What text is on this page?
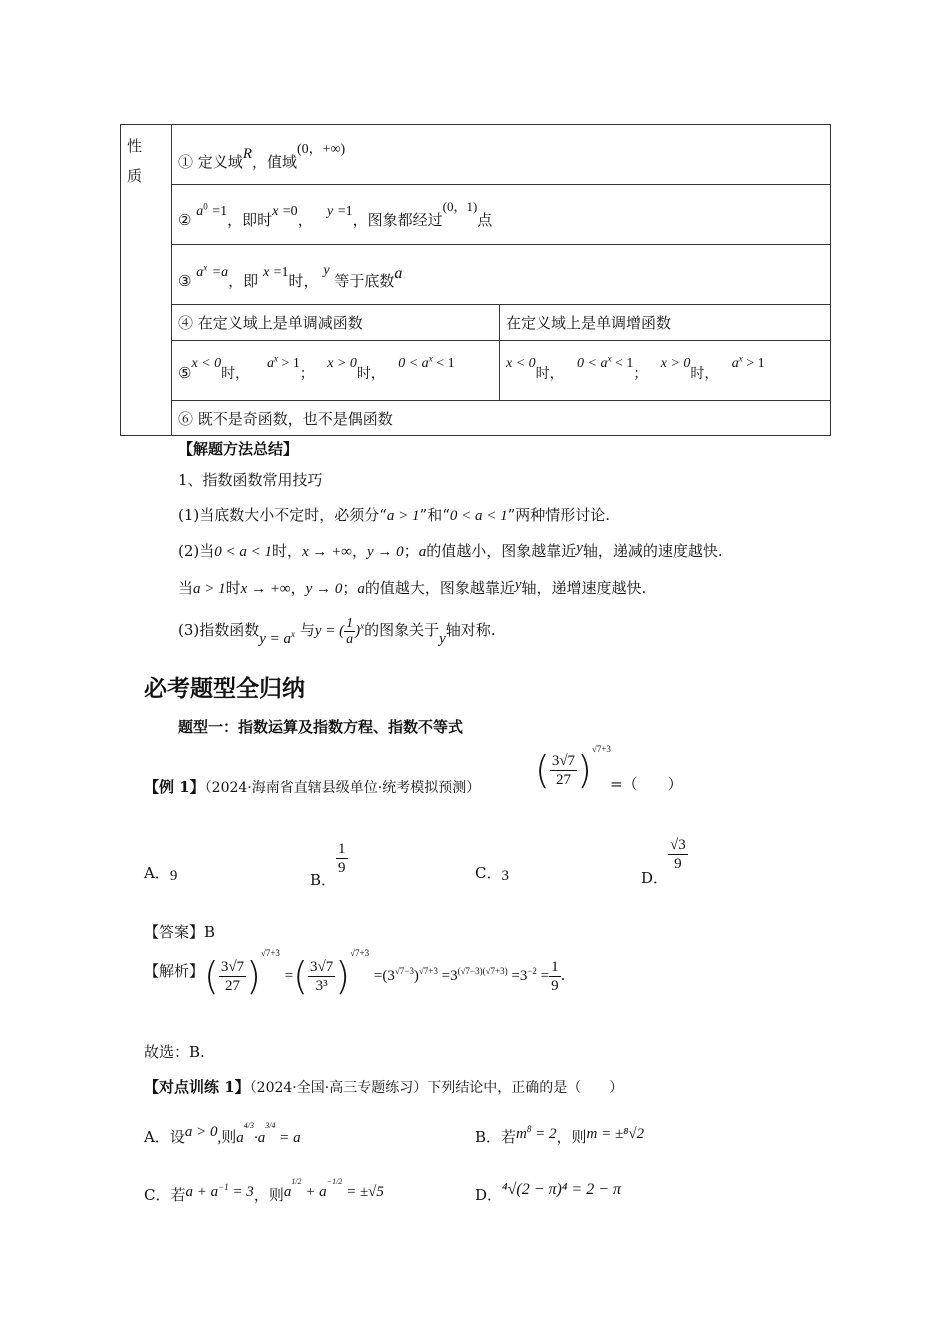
性
质	① 定义域R，值域(0，+∞)	
	② $a^0 =1$，即时x =0， y =1，图象都经过(0，1)点	
	③ $a^x =a$，即 x =1时， y 等于底数a	
	④ 在定义域上是单调减函数	在定义域上是单调增函数
	⑤x < 0时，    $a^x > 1$；   x > 0时，   $0 < a^x < 1$	x < 0时，   $0 < a^x < 1$；   x > 0时，   $a^x > 1$
	⑥ 既不是奇函数，也不是偶函数	
【解题方法总结】
1、指数函数常用技巧
(1)当底数大小不定时，必须分“a > 1”和“0 < a < 1”两种情形讨论.
(2)当0 < a < 1时，x → +∞，y → 0；a的值越小，图象越靠近y轴，递减的速度越快.
当a > 1时x → +∞，y → 0；a的值越大，图象越靠近y轴，递增速度越快.
(3)指数函数$y = a^x$ 与y = ( $\frac{1}{a} )^x$的图象关于y轴对称.
必考题型全归纳
题型一：指数运算及指数方程、指数不等式
【例 1】（2024·海南省直辖县级单位·统考模拟预测） ( $\frac{3√7}{27} )^{√7+3}$
=（　　）
A．9	B．
$\frac{1}{9}$	C．3	D．
$\frac{√3}{9}$
【答案】B
【解析】( $\frac{3√7}{27} )^{√7+3}$ =( $\frac{3√7}{\text{3³}} )^{√7+3} =(3^{√7-3})^{√7+3} =3^{(√7-3)(√7+3)} =3^{-2} = \frac{1}{9}$ .
故选：B.
【对点训练 1】（2024·全国·高三专题练习）下列结论中，正确的是（　　）
A．设a > 0,则$a^{4/3}\cdot a^{3/4} = a$	B．若$m^8 = 2$，则m = ±⁸√2
C．若$a + a^{-1} = 3$，则$a^{1/2} + a^{-1/2} = \pm√5$	D．⁴√(2 − π)⁴ = 2 − π
